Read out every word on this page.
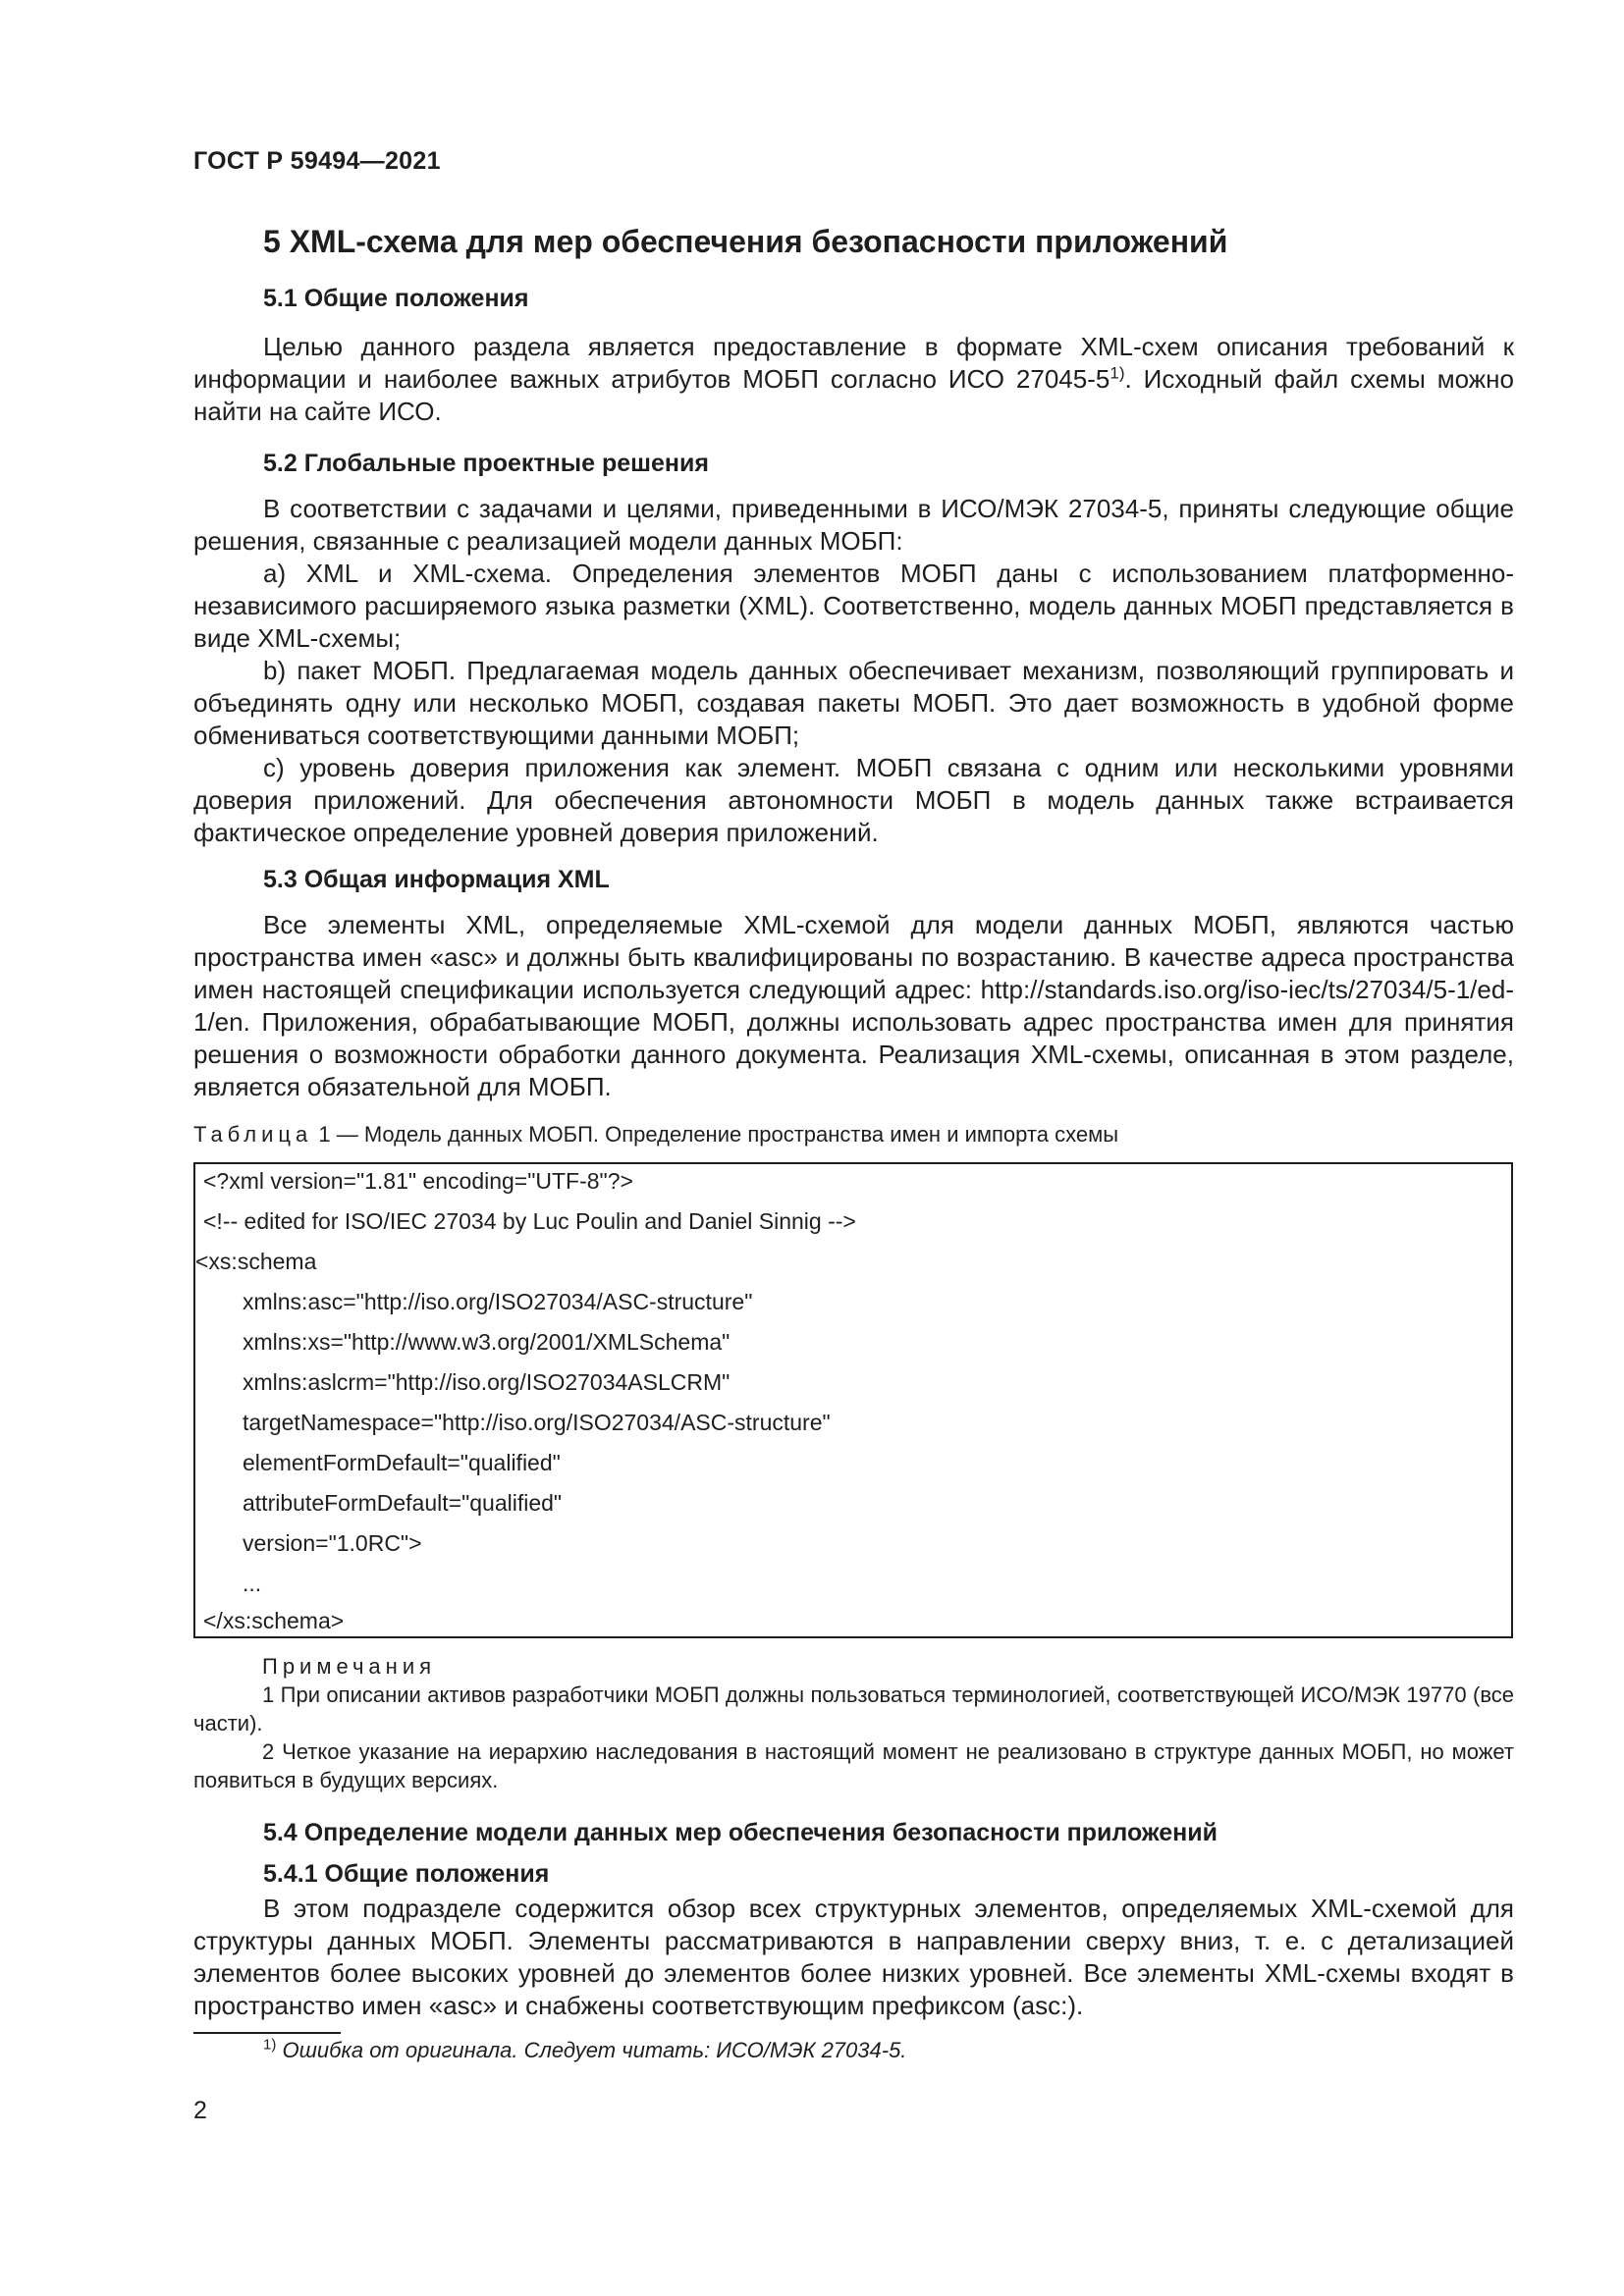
ГОСТ Р 59494—2021
5 XML-схема для мер обеспечения безопасности приложений
5.1 Общие положения

Целью данного раздела является предоставление в формате XML-схем описания требований к информации и наиболее важных атрибутов МОБП согласно ИСО 27045-5$^{1)}$. Исходный файл схемы можно найти на сайте ИСО.

5.2 Глобальные проектные решения

В соответствии с задачами и целями, приведенными в ИСО/МЭК 27034-5, приняты следующие общие решения, связанные с реализацией модели данных МОБП:

а) XML и XML-схема. Определения элементов МОБП даны с использованием платформенно-независимого расширяемого языка разметки (XML). Соответственно, модель данных МОБП представляется в виде XML-схемы;

b) пакет МОБП. Предлагаемая модель данных обеспечивает механизм, позволяющий группировать и объединять одну или несколько МОБП, создавая пакеты МОБП. Это дает возможность в удобной форме обмениваться соответствующими данными МОБП;

c) уровень доверия приложения как элемент. МОБП связана с одним или несколькими уровнями доверия приложений. Для обеспечения автономности МОБП в модель данных также встраивается фактическое определение уровней доверия приложений.

5.3 Общая информация XML

Все элементы XML, определяемые XML-схемой для модели данных МОБП, являются частью пространства имен «asc» и должны быть квалифицированы по возрастанию. В качестве адреса пространства имен настоящей спецификации используется следующий адрес: http://standards.iso.org/iso-iec/ts/27034/5-1/ed-1/en. Приложения, обрабатывающие МОБП, должны использовать адрес пространства имен для принятия решения о возможности обработки данного документа. Реализация XML-схемы, описанная в этом разделе, является обязательной для МОБП.

Таблица 1 — Модель данных МОБП. Определение пространства имен и импорта схемы
<?xml version="1.81" encoding="UTF-8"?>
<!-- edited for ISO/IEC 27034 by Luc Poulin and Daniel Sinnig -->
<xs:schema
xmlns:asc="http://iso.org/ISO27034/ASC-structure"
xmlns:xs="http://www.w3.org/2001/XMLSchema"
xmlns:aslcrm="http://iso.org/ISO27034ASLCRM"
targetNamespace="http://iso.org/ISO27034/ASC-structure"
elementFormDefault="qualified"
attributeFormDefault="qualified"
version="1.0RC">
...
</xs:schema>
Примечания

1 При описании активов разработчики МОБП должны пользоваться терминологией, соответствующей ИСО/МЭК 19770 (все части).

2 Четкое указание на иерархию наследования в настоящий момент не реализовано в структуре данных МОБП, но может появиться в будущих версиях.

5.4 Определение модели данных мер обеспечения безопасности приложений
5.4.1 Общие положения

В этом подразделе содержится обзор всех структурных элементов, определяемых XML-схемой для структуры данных МОБП. Элементы рассматриваются в направлении сверху вниз, т. е. с детализацией элементов более высоких уровней до элементов более низких уровней. Все элементы XML-схемы входят в пространство имен «asc» и снабжены соответствующим префиксом (asc:).

$^{1)}$ Ошибка от оригинала. Следует читать: ИСО/МЭК 27034-5.
2
